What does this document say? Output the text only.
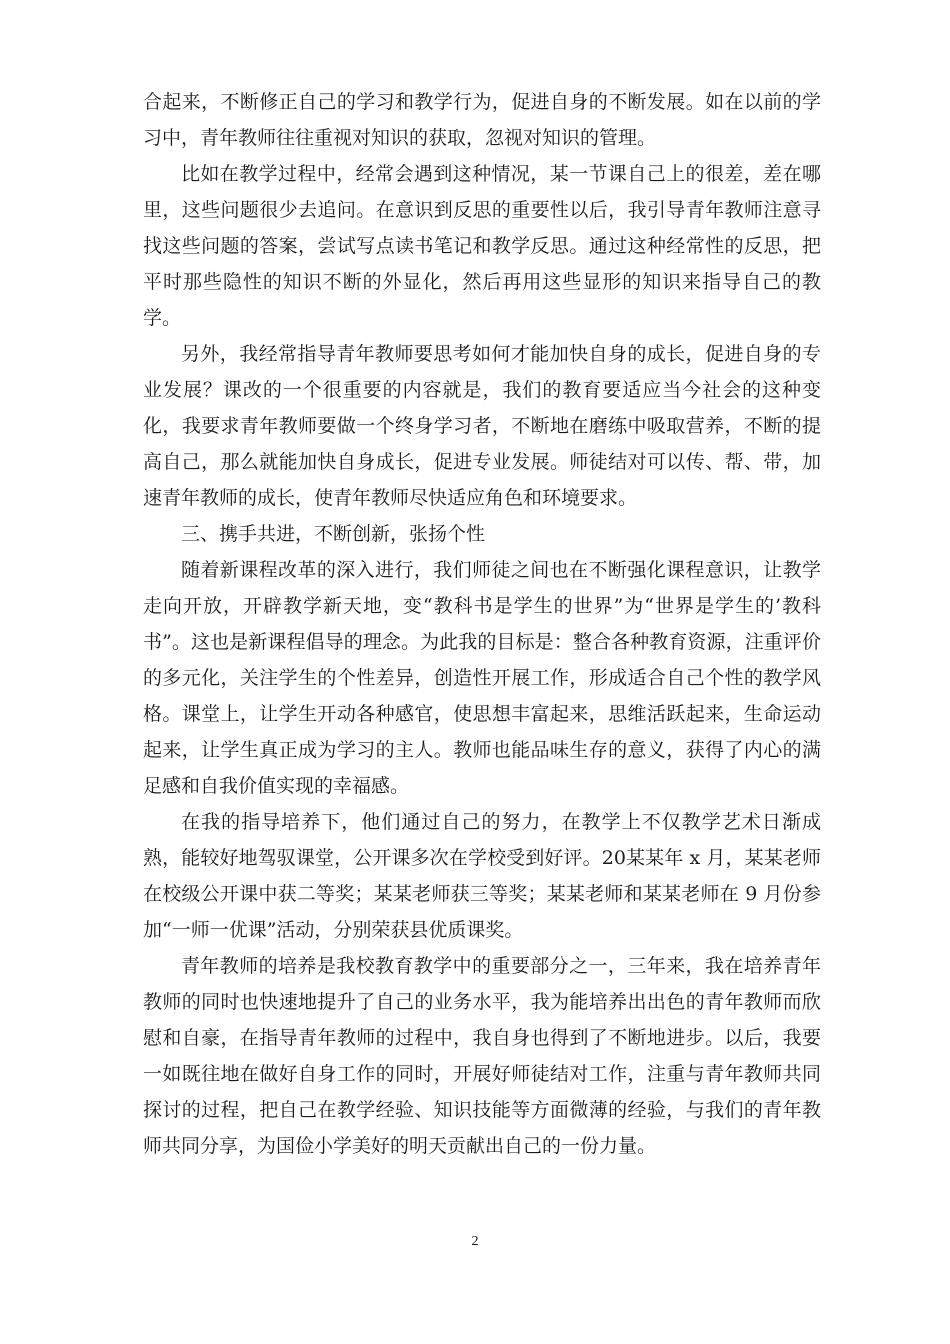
合起来，不断修正自己的学习和教学行为，促进自身的不断发展。如在以前的学习中，青年教师往往重视对知识的获取，忽视对知识的管理。

比如在教学过程中，经常会遇到这种情况，某一节课自己上的很差，差在哪里，这些问题很少去追问。在意识到反思的重要性以后，我引导青年教师注意寻找这些问题的答案，尝试写点读书笔记和教学反思。通过这种经常性的反思，把平时那些隐性的知识不断的外显化，然后再用这些显形的知识来指导自己的教学。

另外，我经常指导青年教师要思考如何才能加快自身的成长，促进自身的专业发展？课改的一个很重要的内容就是，我们的教育要适应当今社会的这种变化，我要求青年教师要做一个终身学习者，不断地在磨练中吸取营养，不断的提高自己，那么就能加快自身成长，促进专业发展。师徒结对可以传、帮、带，加速青年教师的成长，使青年教师尽快适应角色和环境要求。

三、携手共进，不断创新，张扬个性

随着新课程改革的深入进行，我们师徒之间也在不断强化课程意识，让教学走向开放，开辟教学新天地，变“教科书是学生的世界”为“世界是学生的’教科书”。这也是新课程倡导的理念。为此我的目标是：整合各种教育资源，注重评价的多元化，关注学生的个性差异，创造性开展工作，形成适合自己个性的教学风格。课堂上，让学生开动各种感官，使思想丰富起来，思维活跃起来，生命运动起来，让学生真正成为学习的主人。教师也能品味生存的意义，获得了内心的满足感和自我价值实现的幸福感。

在我的指导培养下，他们通过自己的努力，在教学上不仅教学艺术日渐成熟，能较好地驾驭课堂，公开课多次在学校受到好评。20某某年 x 月，某某老师在校级公开课中获二等奖；某某老师获三等奖；某某老师和某某老师在 9 月份参加“一师一优课”活动，分别荣获县优质课奖。

青年教师的培养是我校教育教学中的重要部分之一，三年来，我在培养青年教师的同时也快速地提升了自己的业务水平，我为能培养出出色的青年教师而欣慰和自豪，在指导青年教师的过程中，我自身也得到了不断地进步。以后，我要一如既往地在做好自身工作的同时，开展好师徒结对工作，注重与青年教师共同探讨的过程，把自己在教学经验、知识技能等方面微薄的经验，与我们的青年教师共同分享，为国俭小学美好的明天贡献出自己的一份力量。

2
